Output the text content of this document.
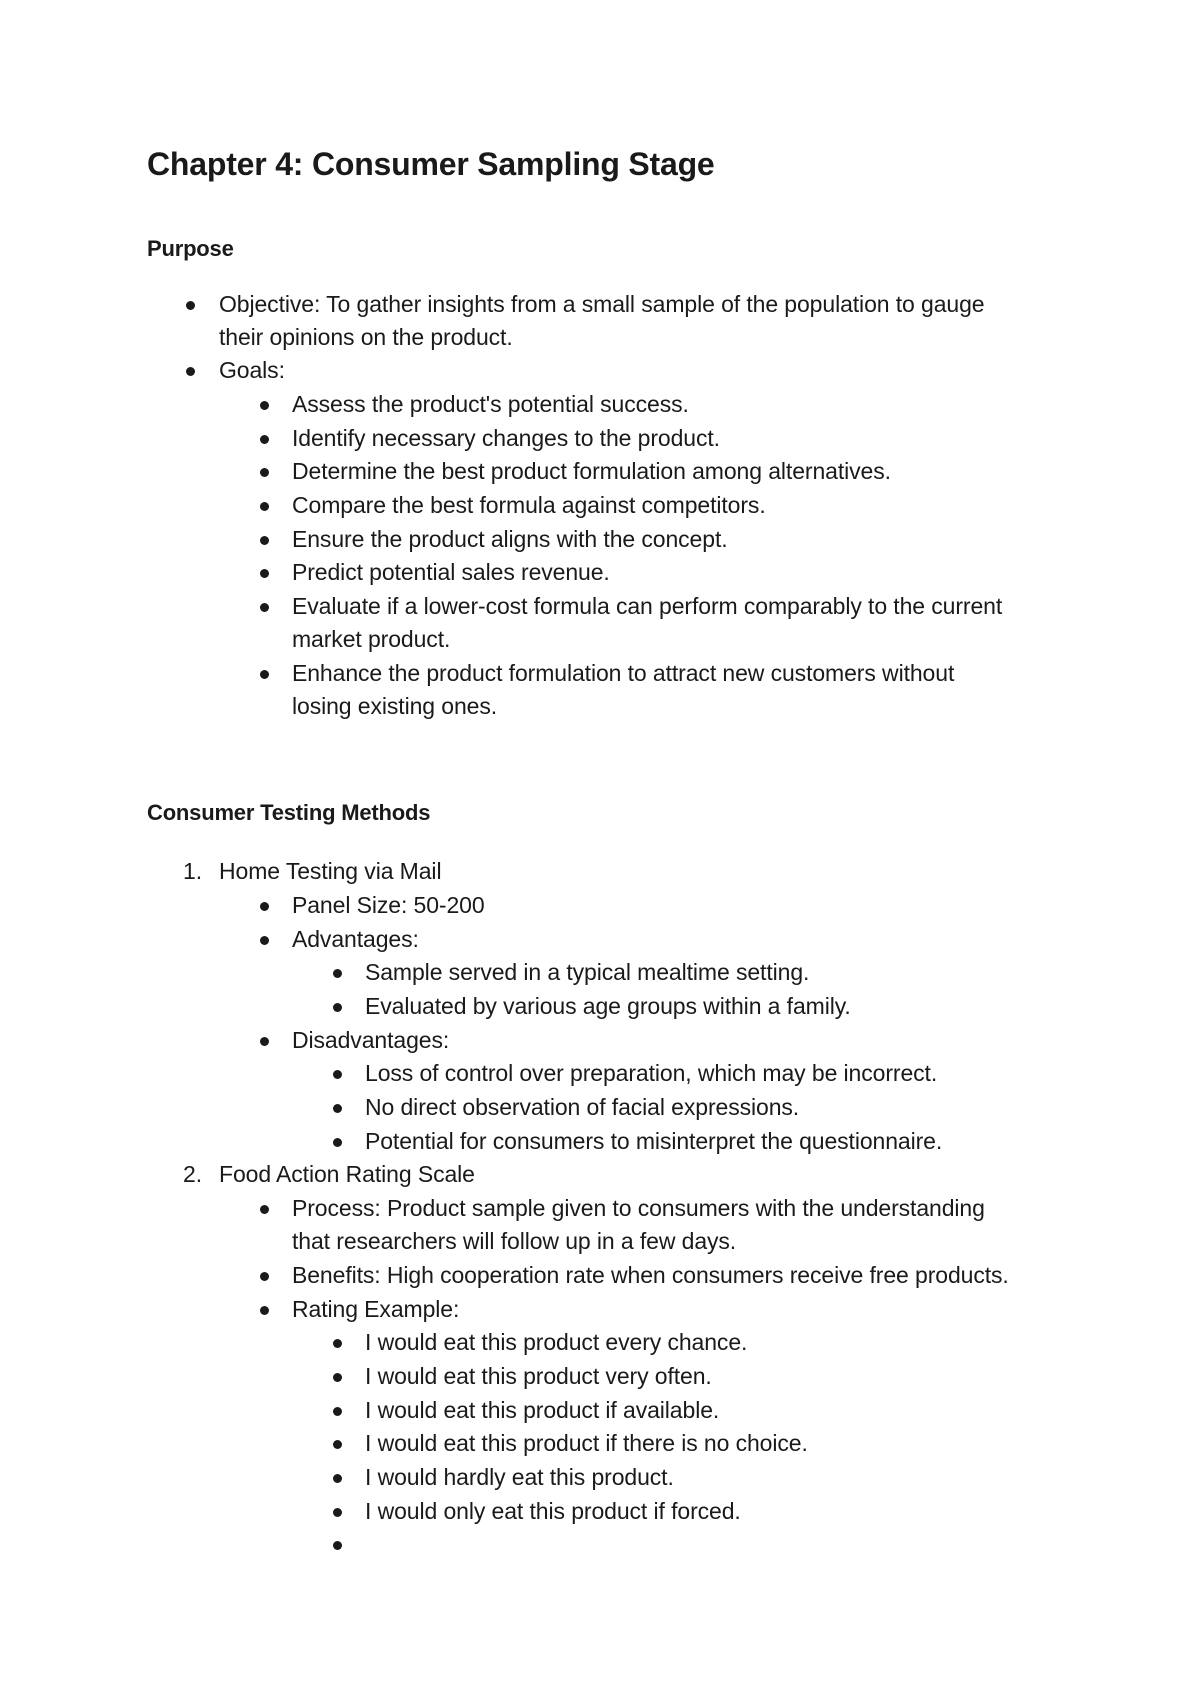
Chapter 4: Consumer Sampling Stage
Purpose
Objective: To gather insights from a small sample of the population to gauge
their opinions on the product.
Goals:
Assess the product's potential success.
Identify necessary changes to the product.
Determine the best product formulation among alternatives.
Compare the best formula against competitors.
Ensure the product aligns with the concept.
Predict potential sales revenue.
Evaluate if a lower-cost formula can perform comparably to the current
market product.
Enhance the product formulation to attract new customers without
losing existing ones.
Consumer Testing Methods
1. Home Testing via Mail
Panel Size: 50-200
Advantages:
Sample served in a typical mealtime setting.
Evaluated by various age groups within a family.
Disadvantages:
Loss of control over preparation, which may be incorrect.
No direct observation of facial expressions.
Potential for consumers to misinterpret the questionnaire.
2. Food Action Rating Scale
Process: Product sample given to consumers with the understanding
that researchers will follow up in a few days.
Benefits: High cooperation rate when consumers receive free products.
Rating Example:
I would eat this product every chance.
I would eat this product very often.
I would eat this product if available.
I would eat this product if there is no choice.
I would hardly eat this product.
I would only eat this product if forced.
